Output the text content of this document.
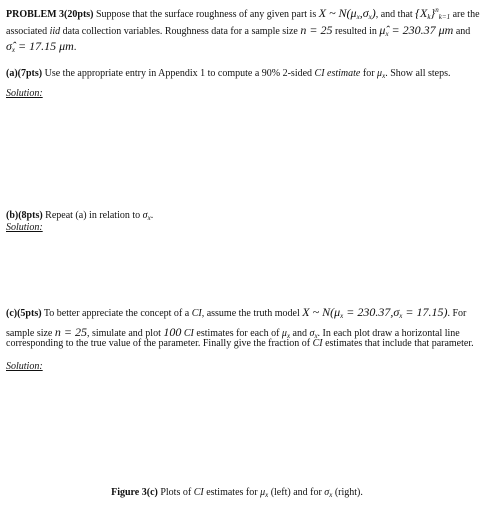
PROBLEM 3(20pts) Suppose that the surface roughness of any given part is X ~ $N(\mu_x,\sigma_x)$, and that $\{X_k\}^n_{k=1}$ are the
associated iid data collection variables. Roughness data for a sample size n = 25 resulted in $\mû_x = 230.37$ μm and
$\sigmâ_x = 17.15$ μm.
(a)(7pts) Use the appropriate entry in Appendix 1 to compute a 90% 2-sided CI estimate for $\mu_x$. Show all steps.
Solution:
(b)(8pts) Repeat (a) in relation to $\sigma_x$.
Solution:
(c)(5pts) To better appreciate the concept of a CI, assume the truth model X ~ $N(\mu_x = 230.37,\sigma_x = 17.15)$. For
sample size n = 25, simulate and plot 100 CI estimates for each of $\mu_x$ and $\sigma_x$. In each plot draw a horizontal line
corresponding to the true value of the parameter. Finally give the fraction of CI estimates that include that parameter.
Solution:
Figure 3(c) Plots of CI estimates for $\mu_x$ (left) and for $\sigma_x$ (right).
